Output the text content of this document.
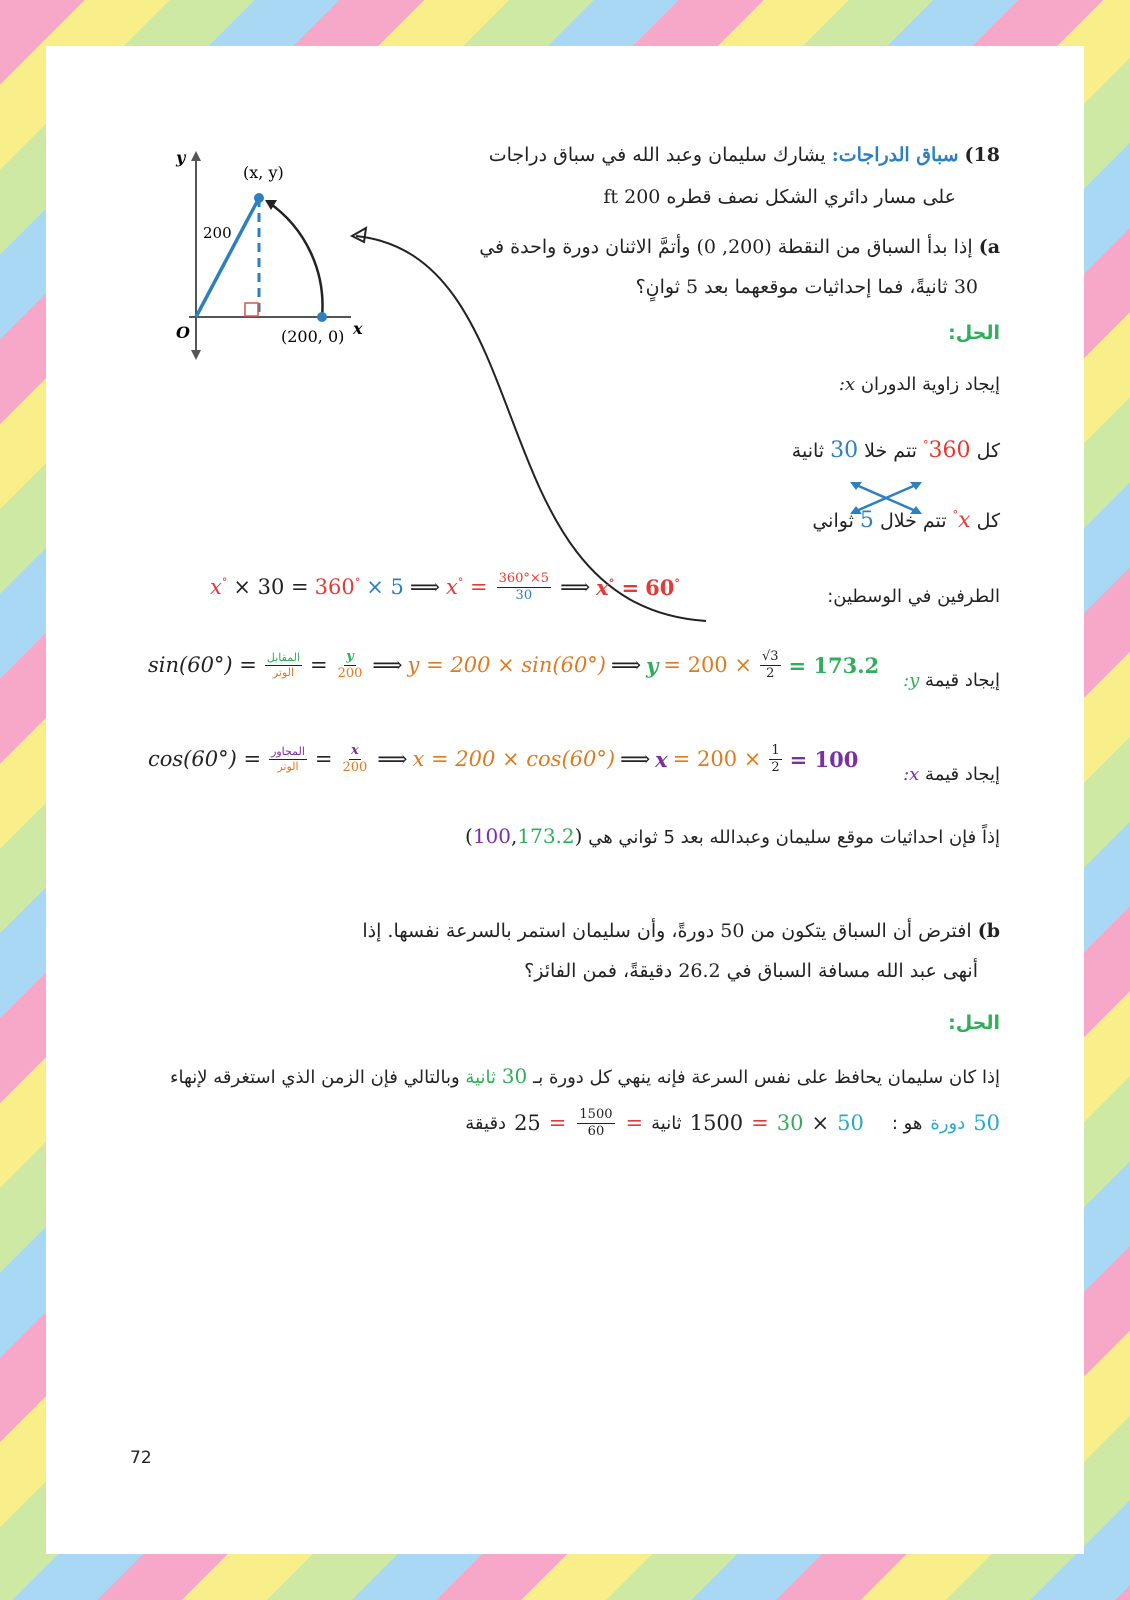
y
O
(x, y)
200
(200, 0) x
18) سباق الدراجات: يشارك سليمان وعبد الله في سباق دراجات
على مسار دائري الشكل نصف قطره 200 ft
a) إذا بدأ السباق من النقطة (200, 0) وأتمَّ الاثنان دورة واحدة في
30 ثانيةً، فما إحداثيات موقعهما بعد 5 ثوانٍ؟
الحل:
إيجاد زاوية الدوران x:
كل 360° تتم خلا 30 ثانية
كل x° تتم خلال 5 ثواني
الطرفين في الوسطين:
x° × 30 = 360° × 5 ⟹ $x^\circ = \frac{360^\circ\times 5}{30}$ ⟹ x° = 60°
إيجاد قيمة y:
$\sin(60^\circ) = \frac{\text{المقابل}}{\text{الوتر}} = \frac{y}{200}$ ⟹ y = 200 × sin(60°) ⟹ $y = 200 \times \frac{√3}{2} = 173.2$
إيجاد قيمة x:
$\cos(60^\circ) = \frac{\text{المجاور}}{\text{الوتر}} = \frac{x}{200}$ ⟹ x = 200 × cos(60°) ⟹ $x = 200 \times \frac{1}{2} = 100$
إذاً فإن احداثيات موقع سليمان وعبدالله بعد 5 ثواني هي (100,173.2)
b) افترض أن السباق يتكون من 50 دورةً، وأن سليمان استمر بالسرعة نفسها. إذا
أنهى عبد الله مسافة السباق في 26.2 دقيقةً، فمن الفائز؟
الحل:
إذا كان سليمان يحافظ على نفس السرعة فإنه ينهي كل دورة بـ 30 ثانية وبالتالي فإن الزمن الذي استغرقه لإنهاء
50
دورة
هو :
50
×
30
=
1500
ثانية
=
$\frac{1500}{60}$
=
25
دقيقة
72
